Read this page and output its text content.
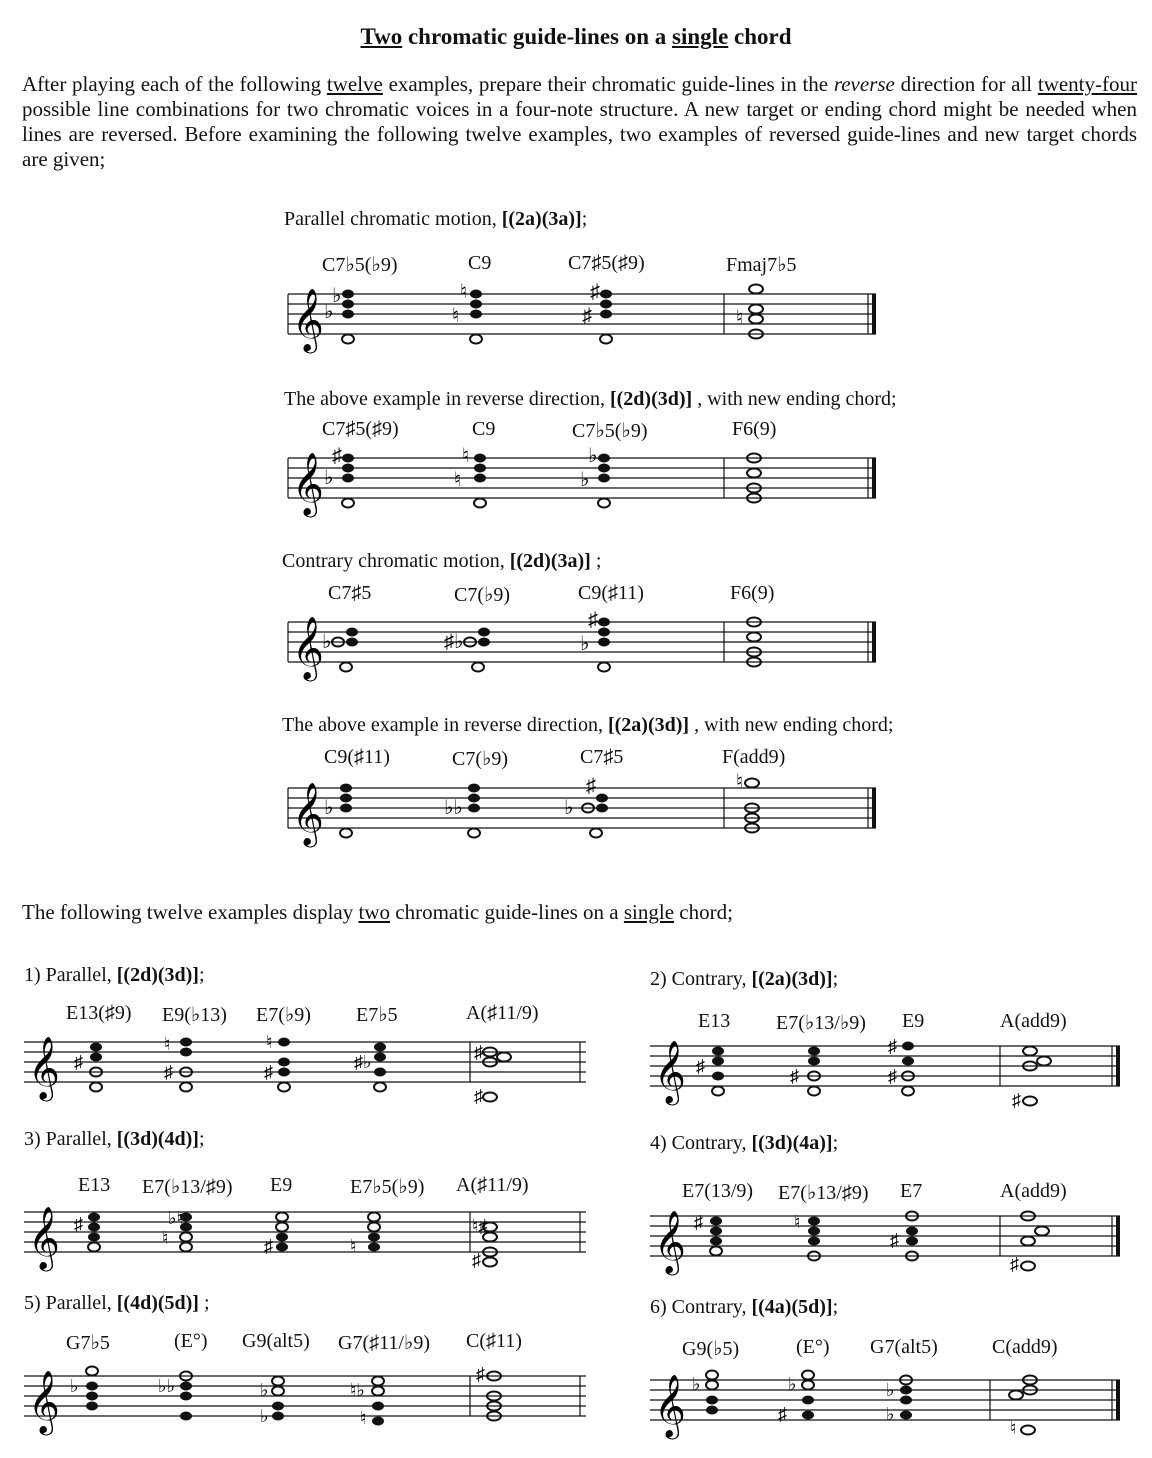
Two chromatic guide-lines on a single chord

After playing each of the following twelve examples, prepare their chromatic guide-lines in the reverse direction for all twenty-four possible line combinations for two chromatic voices in a four-note structure. A new target or ending chord might be needed when lines are reversed. Before examining the following twelve examples, two examples of reversed guide-lines and new target chords are given;

Parallel chromatic motion, [(2a)(3a)];
C7♭5(♭9)	C9	C7♯5(♯9)	Fmaj7♭5
𝄞 ♭
♭
♮
♮
♯
♯	♮
The above example in reverse direction, [(2d)(3d)] , with new ending chord;
C7♯5(♯9)	C9	C7♭5(♭9)	F6(9)
𝄞 ♯
♭
♮
♮
♭
♭
Contrary chromatic motion, [(2d)(3a)] ;
C7♯5	C7(♭9)	C9(♯11)	F6(9)
𝄞
♭	♯♭
♯
♭
The above example in reverse direction, [(2a)(3d)] , with new ending chord;
C9(♯11)	C7(♭9)	C7♯5	F(add9)
𝄞 ♭	♭♭
♯
♭
♮
The following twelve examples display two chromatic guide-lines on a single chord;
1) Parallel, [(2d)(3d)];
E13(♯9) E9(♭13) E7(♭9) E7♭5	A(♯11/9)
𝄞 ♯
♮
♯
♮
♯	♯♭	♯
♯
2) Contrary, [(2a)(3d)];
E13 E7(♭13/♭9) E9	A(add9)
𝄞 ♯	♯
♯
♯
♯
3) Parallel, [(3d)(4d)];
E13 E7(♭13/♯9) E9	E7♭5(♭9) A(♯11/9)
𝄞 ♯	♭♮
♮	♯	♮
♮♯
♯
4) Contrary, [(3d)(4a)];
E7(13/9) E7(♭13/♯9) E7	A(add9)
𝄞 ♯	♮
♯
♯
5) Parallel, [(4d)(5d)] ;
G7♭5	(E°) G9(alt5) G7(♯11/♭9) C(♯11)
𝄞 ♭	♭♭	♭
♭
♮♭
♮
♯
6) Contrary, [(4a)(5d)];
G9(♭5)	(E°) G7(alt5)	C(add9)
𝄞 ♭	♭
♯
♭
♭
♮
